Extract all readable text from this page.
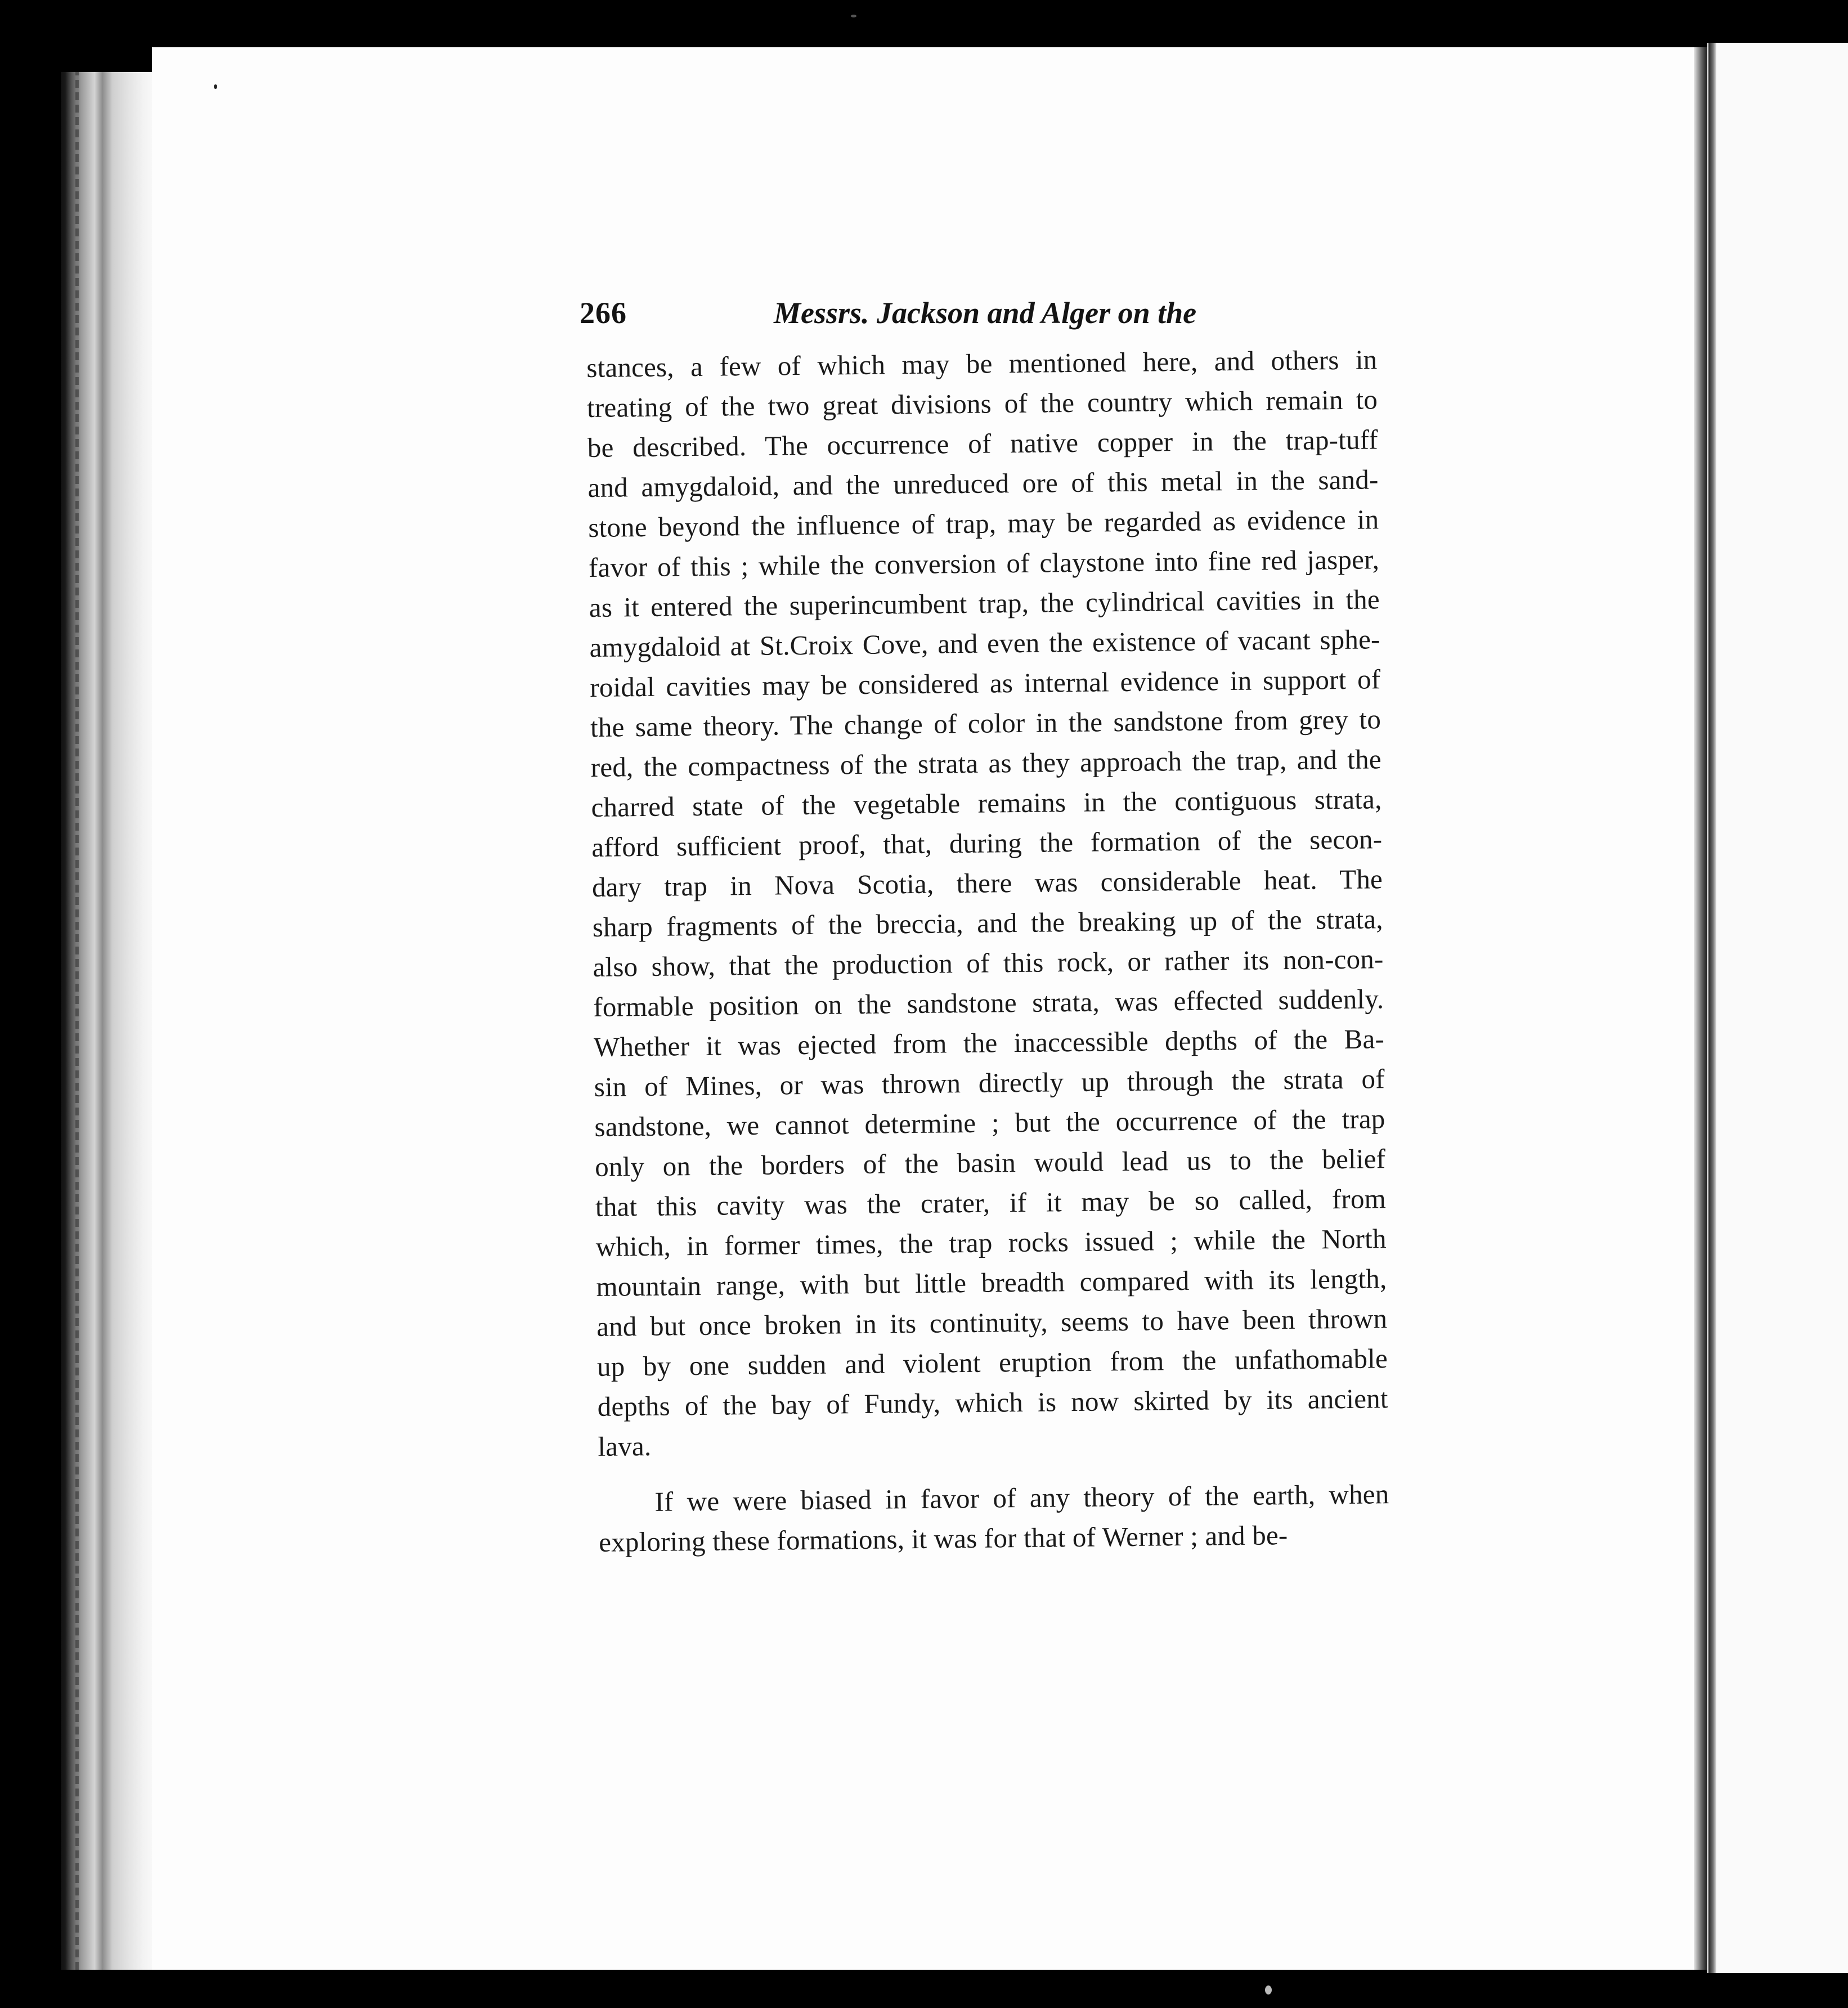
266	Messrs. Jackson and Alger on the
stances, a few of which may be mentioned here, and others in
treating of the two great divisions of the country which remain to
be described. The occurrence of native copper in the trap-tuff
and amygdaloid, and the unreduced ore of this metal in the sand-
stone beyond the influence of trap, may be regarded as evidence in
favor of this ; while the conversion of claystone into fine red jasper,
as it entered the superincumbent trap, the cylindrical cavities in the
amygdaloid at St.Croix Cove, and even the existence of vacant sphe-
roidal cavities may be considered as internal evidence in support of
the same theory. The change of color in the sandstone from grey to
red, the compactness of the strata as they approach the trap, and the
charred state of the vegetable remains in the contiguous strata,
afford sufficient proof, that, during the formation of the secon-
dary trap in Nova Scotia, there was considerable heat. The
sharp fragments of the breccia, and the breaking up of the strata,
also show, that the production of this rock, or rather its non-con-
formable position on the sandstone strata, was effected suddenly.
Whether it was ejected from the inaccessible depths of the Ba-
sin of Mines, or was thrown directly up through the strata of
sandstone, we cannot determine ; but the occurrence of the trap
only on the borders of the basin would lead us to the belief
that this cavity was the crater, if it may be so called, from
which, in former times, the trap rocks issued ; while the North
mountain range, with but little breadth compared with its length,
and but once broken in its continuity, seems to have been thrown
up by one sudden and violent eruption from the unfathomable
depths of the bay of Fundy, which is now skirted by its ancient
lava.
If we were biased in favor of any theory of the earth, when
exploring these formations, it was for that of Werner ; and be-
